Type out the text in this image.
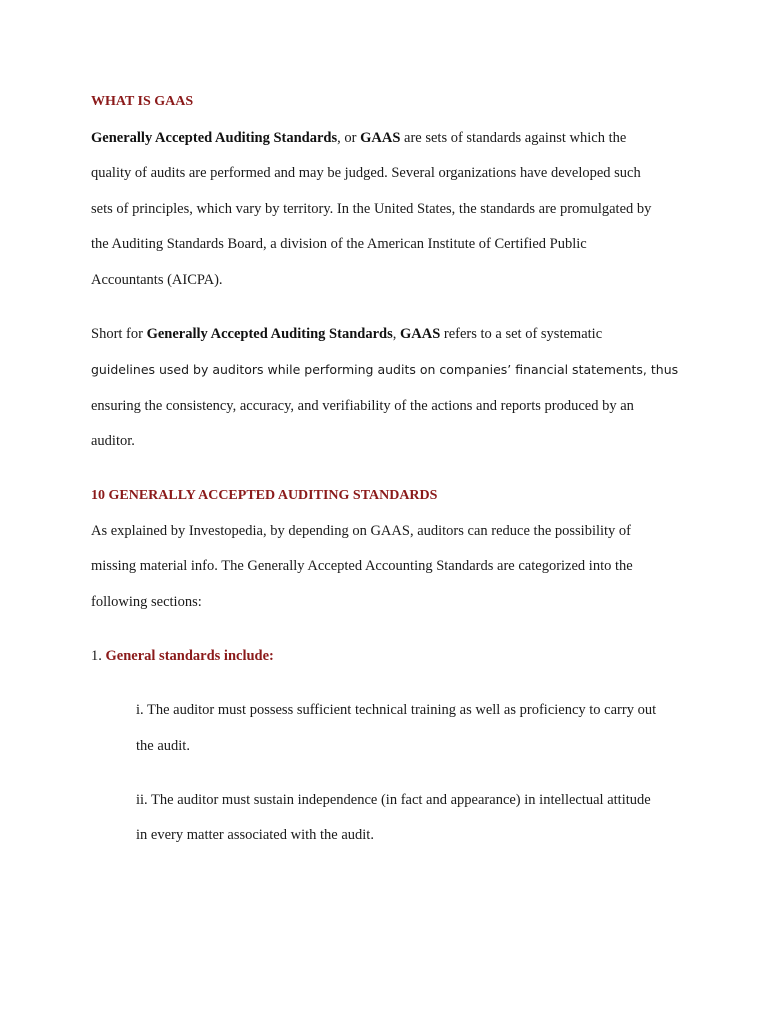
WHAT IS GAAS
Generally Accepted Auditing Standards, or GAAS are sets of standards against which the
quality of audits are performed and may be judged. Several organizations have developed such
sets of principles, which vary by territory. In the United States, the standards are promulgated by
the Auditing Standards Board, a division of the American Institute of Certified Public
Accountants (AICPA).
Short for Generally Accepted Auditing Standards, GAAS refers to a set of systematic
guidelines used by auditors while performing audits on companies’ financial statements, thus
ensuring the consistency, accuracy, and verifiability of the actions and reports produced by an
auditor.
10 GENERALLY ACCEPTED AUDITING STANDARDS
As explained by Investopedia, by depending on GAAS, auditors can reduce the possibility of
missing material info. The Generally Accepted Accounting Standards are categorized into the
following sections:
1. General standards include:
i. The auditor must possess sufficient technical training as well as proficiency to carry out
the audit.
ii. The auditor must sustain independence (in fact and appearance) in intellectual attitude
in every matter associated with the audit.
